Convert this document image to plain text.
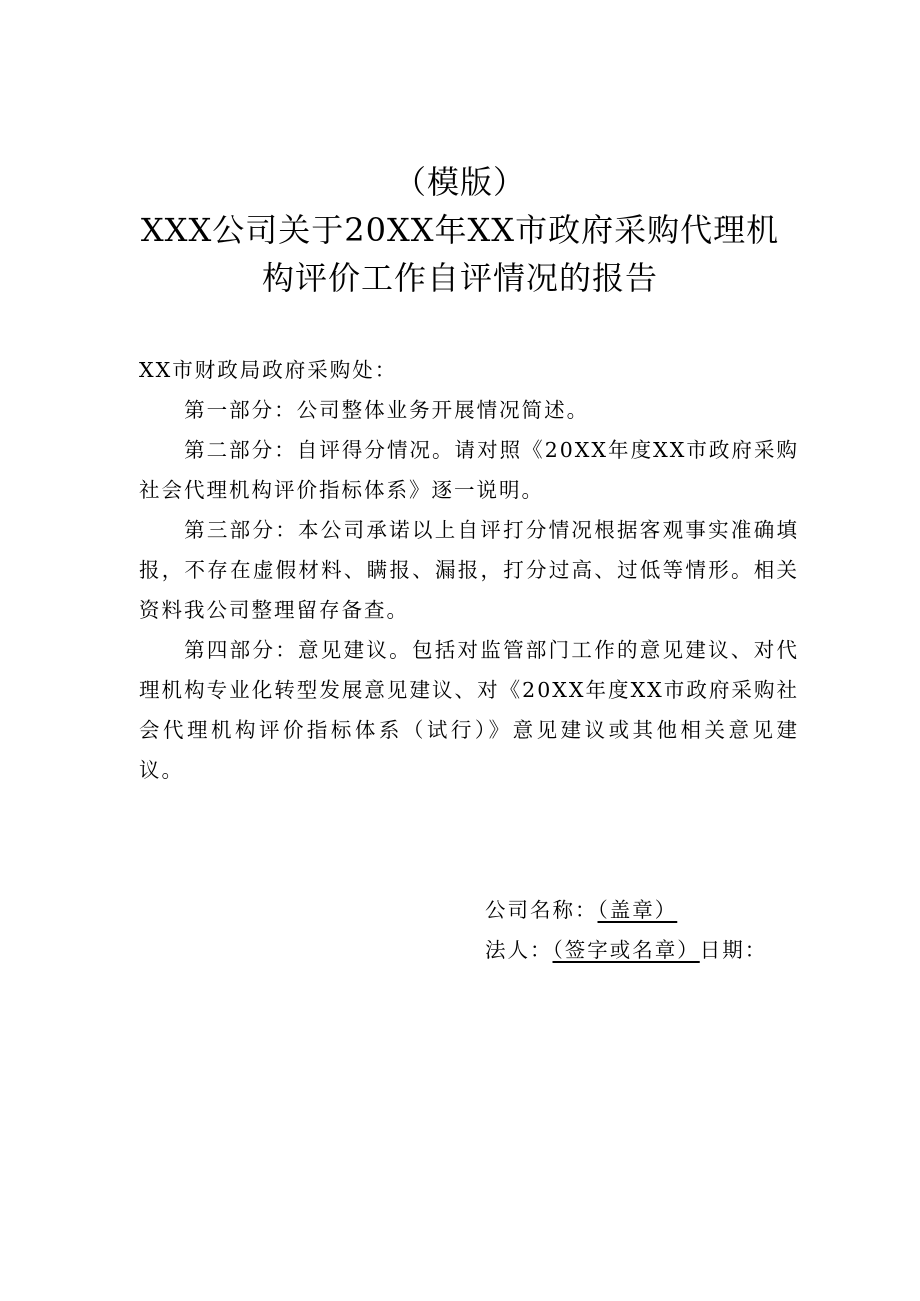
（模版）
XXX公司关于20XX年XX市政府采购代理机
构评价工作自评情况的报告
XX市财政局政府采购处：

第一部分：公司整体业务开展情况简述。

第二部分：自评得分情况。请对照《20XX年度XX市政府采购社会代理机构评价指标体系》逐一说明。

第三部分：本公司承诺以上自评打分情况根据客观事实准确填报，不存在虚假材料、瞒报、漏报，打分过高、过低等情形。相关资料我公司整理留存备查。

第四部分：意见建议。包括对监管部门工作的意见建议、对代理机构专业化转型发展意见建议、对《20XX年度XX市政府采购社会代理机构评价指标体系（试行）》意见建议或其他相关意见建议。

公司名称：（盖章）
法人：（签字或名章）日期：
